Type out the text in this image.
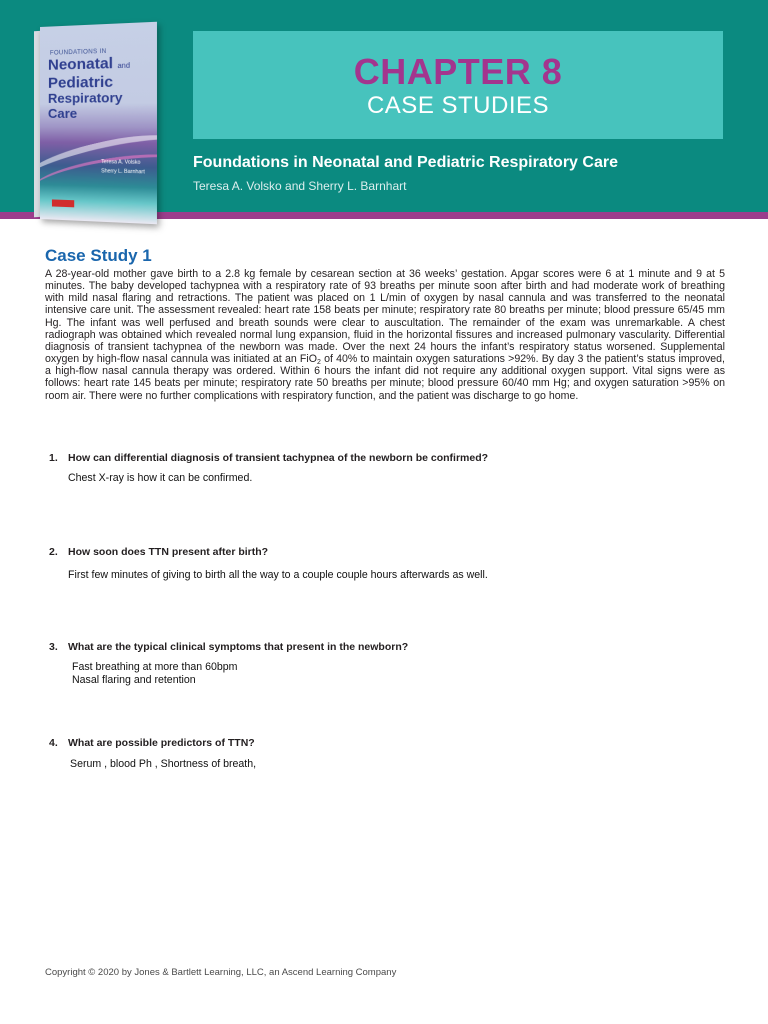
FOUNDATIONS IN
Neonatal and
Pediatric
Respiratory Care
Teresa A. Volsko
Sherry L. Barnhart
CHAPTER 8
CASE STUDIES
Foundations in Neonatal and Pediatric Respiratory Care
Teresa A. Volsko and Sherry L. Barnhart
Case Study 1
A 28-year-old mother gave birth to a 2.8 kg female by cesarean section at 36 weeks’ gestation. Apgar scores were 6 at 1 minute and 9 at 5 minutes. The baby developed tachypnea with a respiratory rate of 93 breaths per minute soon after birth and had moderate work of breathing with mild nasal flaring and retractions. The patient was placed on 1 L/min of oxygen by nasal cannula and was transferred to the neonatal intensive care unit. The assessment revealed: heart rate 158 beats per minute; respiratory rate 80 breaths per minute; blood pressure 65/45 mm Hg. The infant was well perfused and breath sounds were clear to auscultation. The remainder of the exam was unremarkable. A chest radiograph was obtained which revealed normal lung expansion, fluid in the horizontal fissures and increased pulmonary vascularity. Differential diagnosis of transient tachypnea of the newborn was made. Over the next 24 hours the infant’s respiratory status worsened. Supplemental oxygen by high-flow nasal cannula was initiated at an FiO$_2$ of 40% to maintain oxygen saturations >92%. By day 3 the patient’s status improved, a high-flow nasal cannula therapy was ordered. Within 6 hours the infant did not require any additional oxygen support. Vital signs were as follows: heart rate 145 beats per minute; respiratory rate 50 breaths per minute; blood pressure 60/40 mm Hg; and oxygen saturation >95% on room air. There were no further complications with respiratory function, and the patient was discharge to go home.
1. How can differential diagnosis of transient tachypnea of the newborn be confirmed?
Chest X-ray is how it can be confirmed.
2. How soon does TTN present after birth?
First few minutes of giving to birth all the way to a couple couple hours afterwards as well.
3. What are the typical clinical symptoms that present in the newborn?
Fast breathing at more than 60bpm
Nasal flaring and retention
4. What are possible predictors of TTN?
Serum , blood Ph , Shortness of breath,
Copyright © 2020 by Jones & Bartlett Learning, LLC, an Ascend Learning Company
